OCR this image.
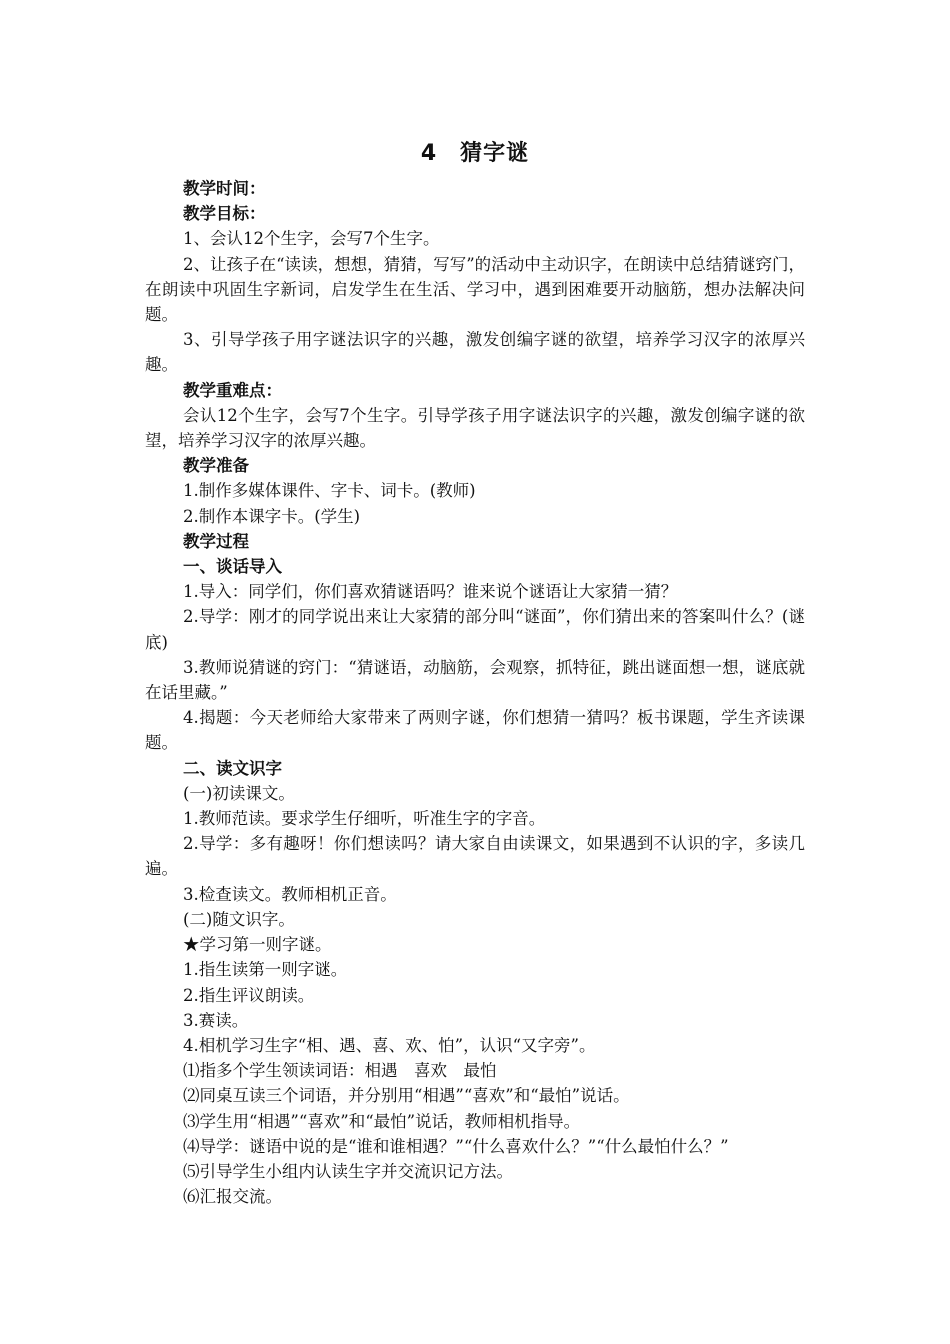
4　猜字谜

教学时间：

教学目标：

1、会认12个生字，会写7个生字。

2、让孩子在“读读，想想，猜猜，写写”的活动中主动识字，在朗读中总结猜谜窍门，在朗读中巩固生字新词，启发学生在生活、学习中，遇到困难要开动脑筋，想办法解决问题。

3、引导学孩子用字谜法识字的兴趣，激发创编字谜的欲望，培养学习汉字的浓厚兴趣。

教学重难点：

会认12个生字，会写7个生字。引导学孩子用字谜法识字的兴趣，激发创编字谜的欲望，培养学习汉字的浓厚兴趣。

教学准备

1.制作多媒体课件、字卡、词卡。(教师)

2.制作本课字卡。(学生)

教学过程

一、谈话导入

1.导入：同学们，你们喜欢猜谜语吗？谁来说个谜语让大家猜一猜？

2.导学：刚才的同学说出来让大家猜的部分叫“谜面”，你们猜出来的答案叫什么？(谜底)

3.教师说猜谜的窍门：“猜谜语，动脑筋，会观察，抓特征，跳出谜面想一想，谜底就在话里藏。”

4.揭题：今天老师给大家带来了两则字谜，你们想猜一猜吗？板书课题，学生齐读课题。

二、读文识字

(一)初读课文。

1.教师范读。要求学生仔细听，听准生字的字音。

2.导学：多有趣呀！你们想读吗？请大家自由读课文，如果遇到不认识的字，多读几遍。

3.检查读文。教师相机正音。

(二)随文识字。

★学习第一则字谜。

1.指生读第一则字谜。

2.指生评议朗读。

3.赛读。

4.相机学习生字“相、遇、喜、欢、怕”，认识“又字旁”。

⑴指多个学生领读词语：相遇　喜欢　最怕

⑵同桌互读三个词语，并分别用“相遇”“喜欢”和“最怕”说话。

⑶学生用“相遇”“喜欢”和“最怕”说话，教师相机指导。

⑷导学：谜语中说的是“谁和谁相遇？”“什么喜欢什么？”“什么最怕什么？”

⑸引导学生小组内认读生字并交流识记方法。

⑹汇报交流。
